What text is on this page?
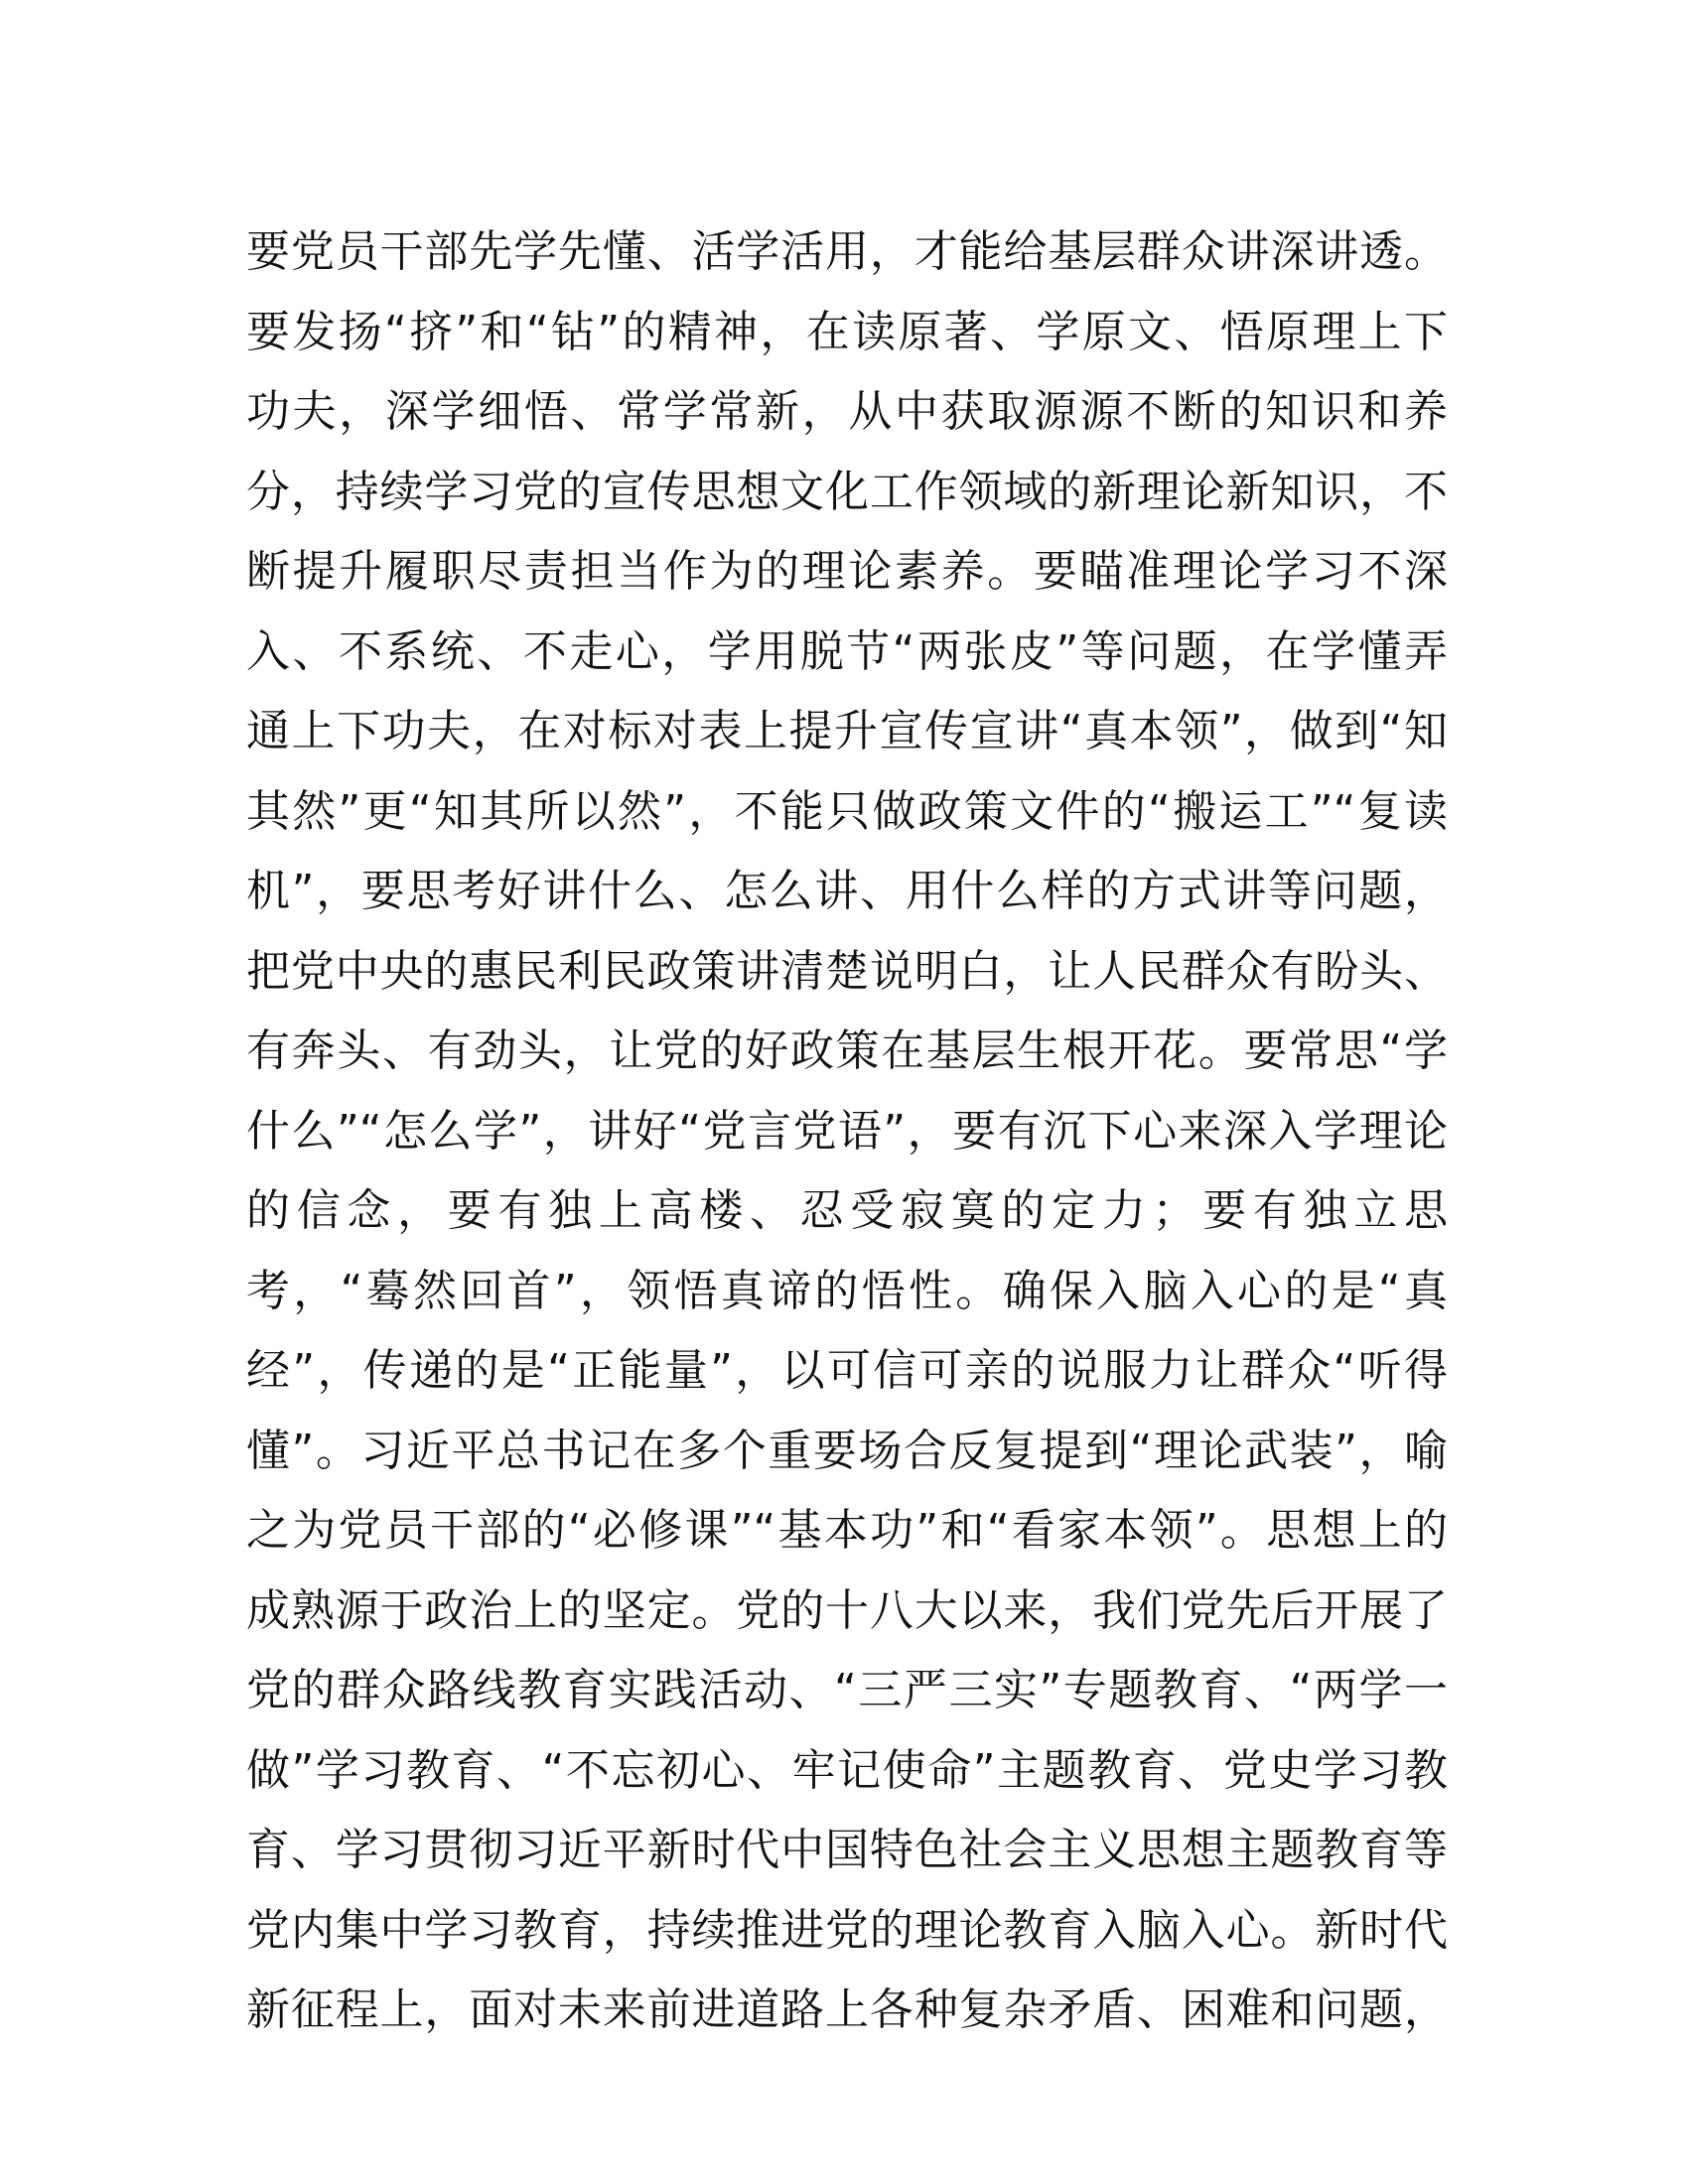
要党员干部先学先懂、活学活用，才能给基层群众讲深讲透。
要发扬“挤”和“钻”的精神，在读原著、学原文、悟原理上下
功夫，深学细悟、常学常新，从中获取源源不断的知识和养
分，持续学习党的宣传思想文化工作领域的新理论新知识，不
断提升履职尽责担当作为的理论素养。要瞄准理论学习不深
入、不系统、不走心，学用脱节“两张皮”等问题，在学懂弄
通上下功夫，在对标对表上提升宣传宣讲“真本领”，做到“知
其然”更“知其所以然”，不能只做政策文件的“搬运工”“复读
机”，要思考好讲什么、怎么讲、用什么样的方式讲等问题，
把党中央的惠民利民政策讲清楚说明白，让人民群众有盼头、
有奔头、有劲头，让党的好政策在基层生根开花。要常思“学
什么”“怎么学”，讲好“党言党语”，要有沉下心来深入学理论
的信念，要有独上高楼、忍受寂寞的定力；要有独立思
考，“蓦然回首”，领悟真谛的悟性。确保入脑入心的是“真
经”，传递的是“正能量”，以可信可亲的说服力让群众“听得
懂”。习近平总书记在多个重要场合反复提到“理论武装”，喻
之为党员干部的“必修课”“基本功”和“看家本领”。思想上的
成熟源于政治上的坚定。党的十八大以来，我们党先后开展了
党的群众路线教育实践活动、“三严三实”专题教育、“两学一
做”学习教育、“不忘初心、牢记使命”主题教育、党史学习教
育、学习贯彻习近平新时代中国特色社会主义思想主题教育等
党内集中学习教育，持续推进党的理论教育入脑入心。新时代
新征程上，面对未来前进道路上各种复杂矛盾、困难和问题，
